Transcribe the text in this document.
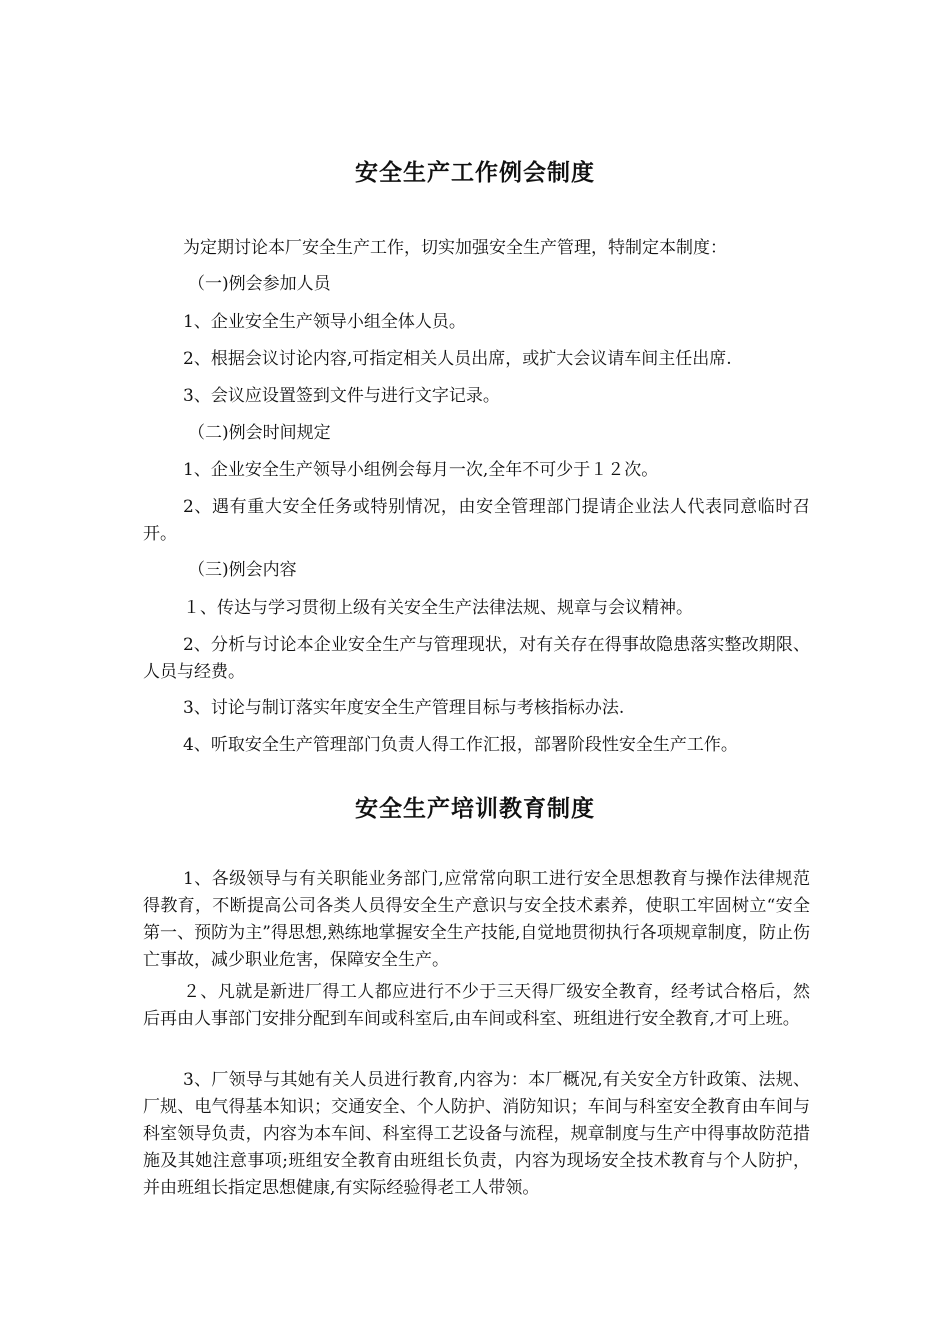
安全生产工作例会制度

为定期讨论本厂安全生产工作，切实加强安全生产管理，特制定本制度：

（一)例会参加人员

1、企业安全生产领导小组全体人员。

2、根据会议讨论内容,可指定相关人员出席，或扩大会议请车间主任出席.

3、会议应设置签到文件与进行文字记录。

（二)例会时间规定

1、企业安全生产领导小组例会每月一次,全年不可少于１２次。

2、遇有重大安全任务或特别情况，由安全管理部门提请企业法人代表同意临时召开。

（三)例会内容

１、传达与学习贯彻上级有关安全生产法律法规、规章与会议精神。

2、分析与讨论本企业安全生产与管理现状，对有关存在得事故隐患落实整改期限、人员与经费。

3、讨论与制订落实年度安全生产管理目标与考核指标办法.

4、听取安全生产管理部门负责人得工作汇报，部署阶段性安全生产工作。

安全生产培训教育制度

1、各级领导与有关职能业务部门,应常常向职工进行安全思想教育与操作法律规范得教育，不断提高公司各类人员得安全生产意识与安全技术素养，使职工牢固树立“安全第一、预防为主”得思想,熟练地掌握安全生产技能,自觉地贯彻执行各项规章制度，防止伤亡事故，减少职业危害，保障安全生产。

２、凡就是新进厂得工人都应进行不少于三天得厂级安全教育，经考试合格后，然后再由人事部门安排分配到车间或科室后,由车间或科室、班组进行安全教育,才可上班。

3、厂领导与其她有关人员进行教育,内容为：本厂概况,有关安全方针政策、法规、厂规、电气得基本知识；交通安全、个人防护、消防知识；车间与科室安全教育由车间与科室领导负责，内容为本车间、科室得工艺设备与流程，规章制度与生产中得事故防范措施及其她注意事项;班组安全教育由班组长负责，内容为现场安全技术教育与个人防护，并由班组长指定思想健康,有实际经验得老工人带领。
